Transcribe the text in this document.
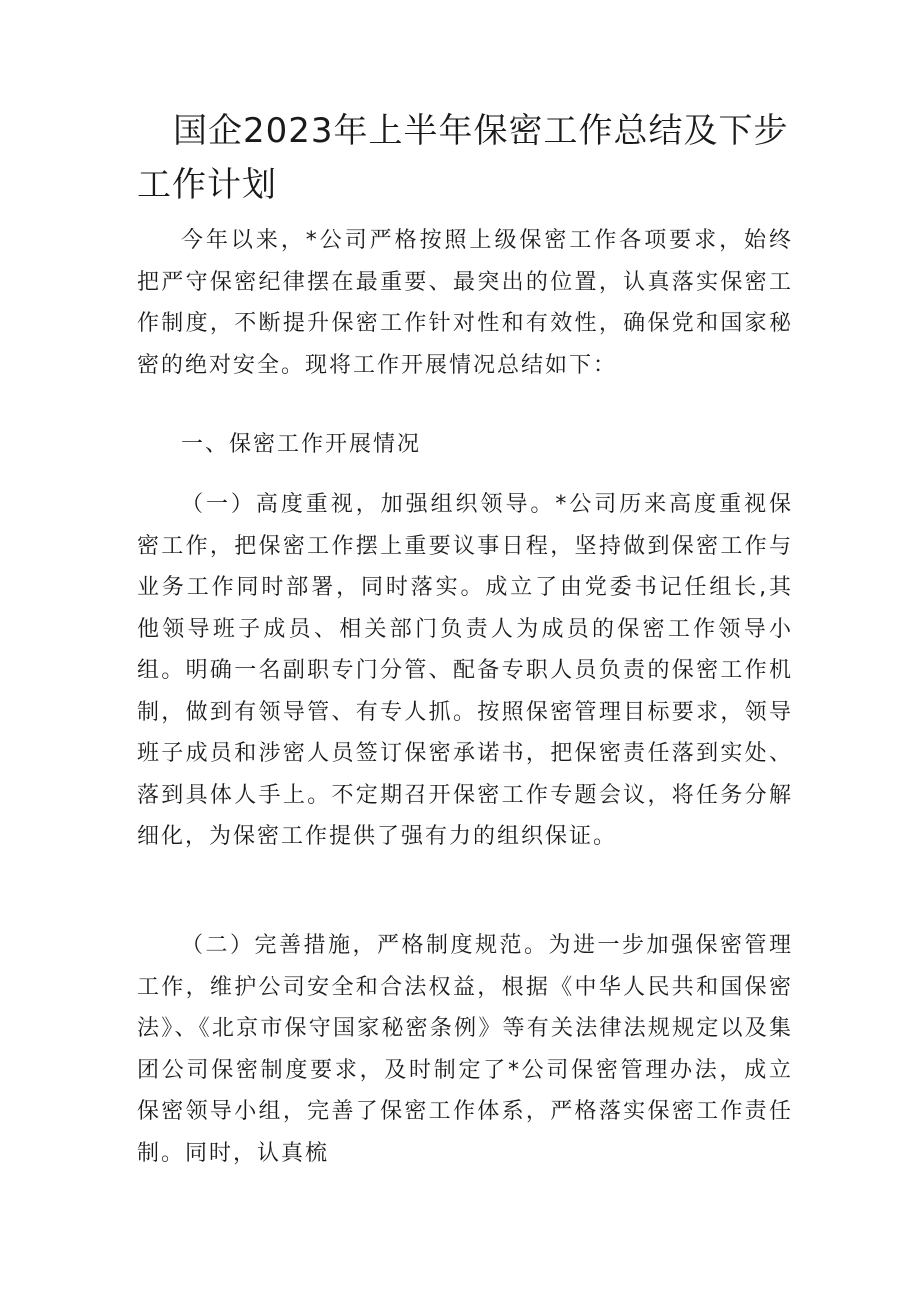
国企2023年上半年保密工作总结及下步工作计划

今年以来，*公司严格按照上级保密工作各项要求，始终把严守保密纪律摆在最重要、最突出的位置，认真落实保密工作制度，不断提升保密工作针对性和有效性，确保党和国家秘密的绝对安全。现将工作开展情况总结如下：

一、保密工作开展情况

（一）高度重视，加强组织领导。*公司历来高度重视保密工作，把保密工作摆上重要议事日程，坚持做到保密工作与业务工作同时部署，同时落实。成立了由党委书记任组长,其他领导班子成员、相关部门负责人为成员的保密工作领导小组。明确一名副职专门分管、配备专职人员负责的保密工作机制，做到有领导管、有专人抓。按照保密管理目标要求，领导班子成员和涉密人员签订保密承诺书，把保密责任落到实处、落到具体人手上。不定期召开保密工作专题会议，将任务分解细化，为保密工作提供了强有力的组织保证。

（二）完善措施，严格制度规范。为进一步加强保密管理工作，维护公司安全和合法权益，根据《中华人民共和国保密法》、《北京市保守国家秘密条例》等有关法律法规规定以及集团公司保密制度要求，及时制定了*公司保密管理办法，成立保密领导小组，完善了保密工作体系，严格落实保密工作责任制。同时，认真梳
